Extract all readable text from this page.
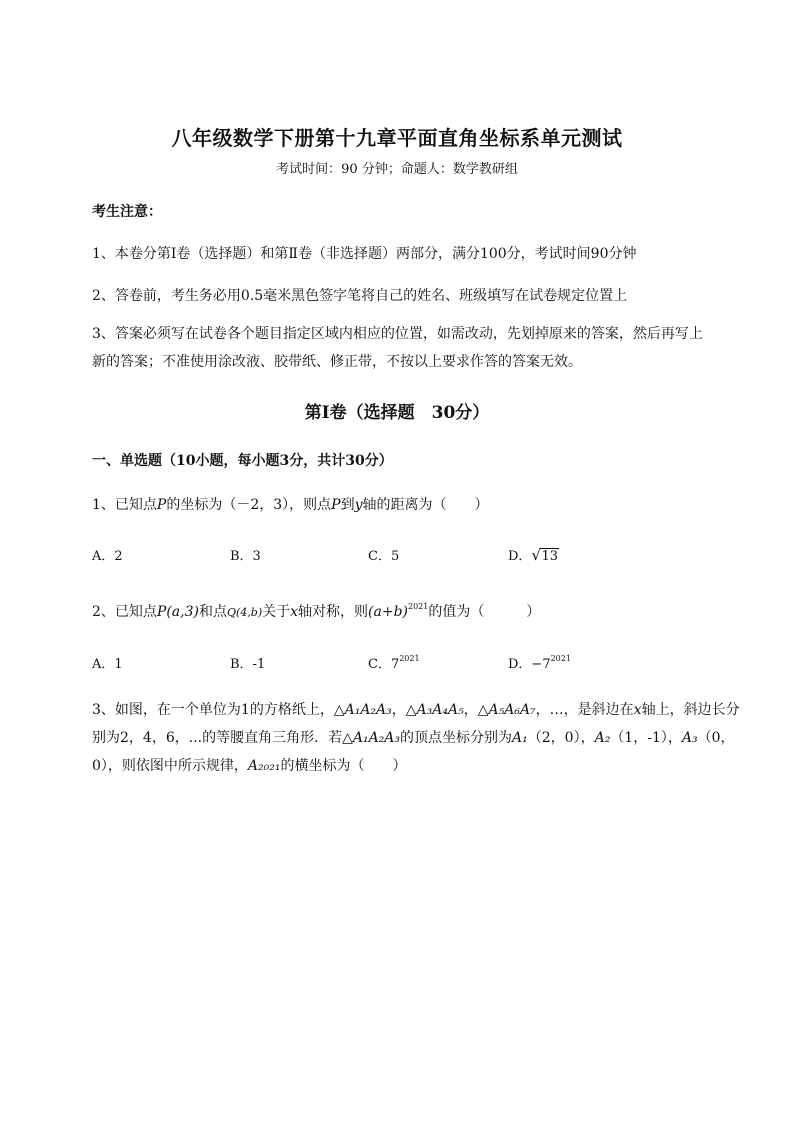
八年级数学下册第十九章平面直角坐标系单元测试
考试时间：90 分钟；命题人：数学教研组
考生注意：
1、本卷分第I卷（选择题）和第Ⅱ卷（非选择题）两部分，满分100分，考试时间90分钟
2、答卷前，考生务必用0.5毫米黑色签字笔将自己的姓名、班级填写在试卷规定位置上
3、答案必须写在试卷各个题目指定区域内相应的位置，如需改动，先划掉原来的答案，然后再写上新的答案；不准使用涂改液、胶带纸、修正带，不按以上要求作答的答案无效。
第I卷（选择题　30分）
一、单选题（10小题，每小题3分，共计30分）
1、已知点P的坐标为（－2，3），则点P到y轴的距离为（　　）
A．2	B．3	C．5	D． √ 13
2、已知点P(a,3)和点Q(4,b)关于x轴对称，则$(a+b)^{2021}$的值为（　　　）
A．1	B．-1	C．$7^{2021}$	D．$-7^{2021}$
3、如图，在一个单位为1的方格纸上，△A₁A₂A₃，△A₃A₄A₅，△A₅A₆A₇，…，是斜边在x轴上，斜边长分别为2，4，6，...的等腰直角三角形．若△A₁A₂A₃的顶点坐标分别为A₁（2，0），A₂（1，-1），A₃（0，0），则依图中所示规律，A₂₀₂₁的横坐标为（　　）
